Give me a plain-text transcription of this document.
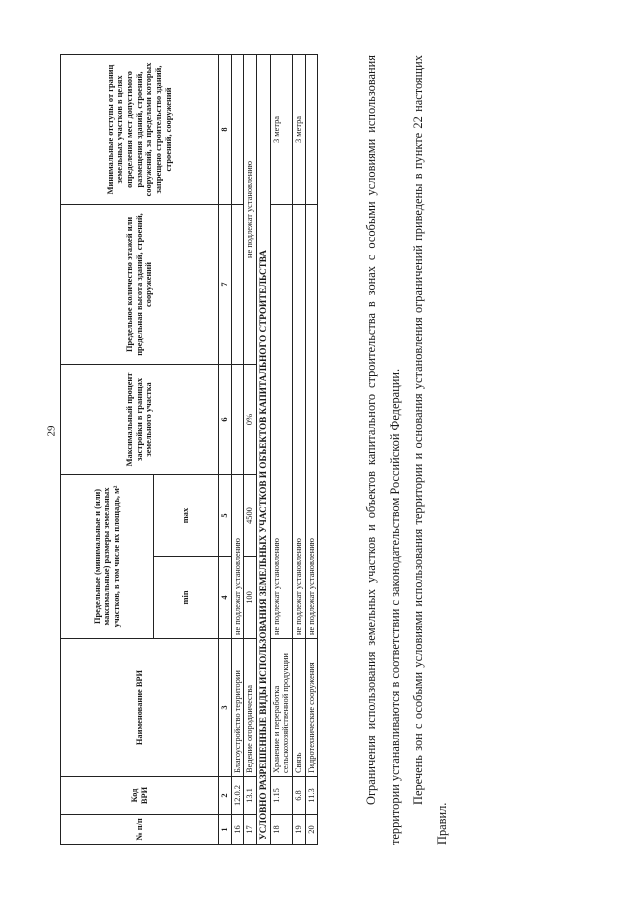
29
№ п/п	Код ВРИ	Наименование ВРИ	Предельные (минимальные и (или) максимальные) размеры земельных участков, в том числе их площадь, м²		Максимальный процент застройки в границах земельного участка	Предельное количество этажей или предельная высота зданий, строений, сооружений	Минимальные отступы от границ земельных участков в целях определения мест допустимого размещения зданий, строений, сооружений, за пределами которых запрещено строительство зданий, строений, сооружений
			min	max			
1	2	3	4	5	6	7	8
16	12.0.2	Благоустройство территории	не подлежат установлению				
17	13.1	Ведение огородничества	100	4500	0%	не подлежат установлению	
УСЛОВНО РАЗРЕШЕННЫЕ ВИДЫ ИСПОЛЬЗОВАНИЯ ЗЕМЕЛЬНЫХ УЧАСТКОВ И ОБЪЕКТОВ КАПИТАЛЬНОГО СТРОИТЕЛЬСТВА							
18	1.15	Хранение и переработка сельскохозяйственной продукции	не подлежат установлению				3 метра
19	6.8	Связь	не подлежат установлению				3 метра
20	11.3	Гидротехнические сооружения	не подлежат установлению					Ограничения использования земельных участков и объектов капитального строительства в зонах с особыми условиями использования территории устанавливаются в соответствии с законодательством Российской Федерации. Перечень зон с особыми условиями использования территории и основания установления ограничений приведены в пункте 22 настоящих Правил.
